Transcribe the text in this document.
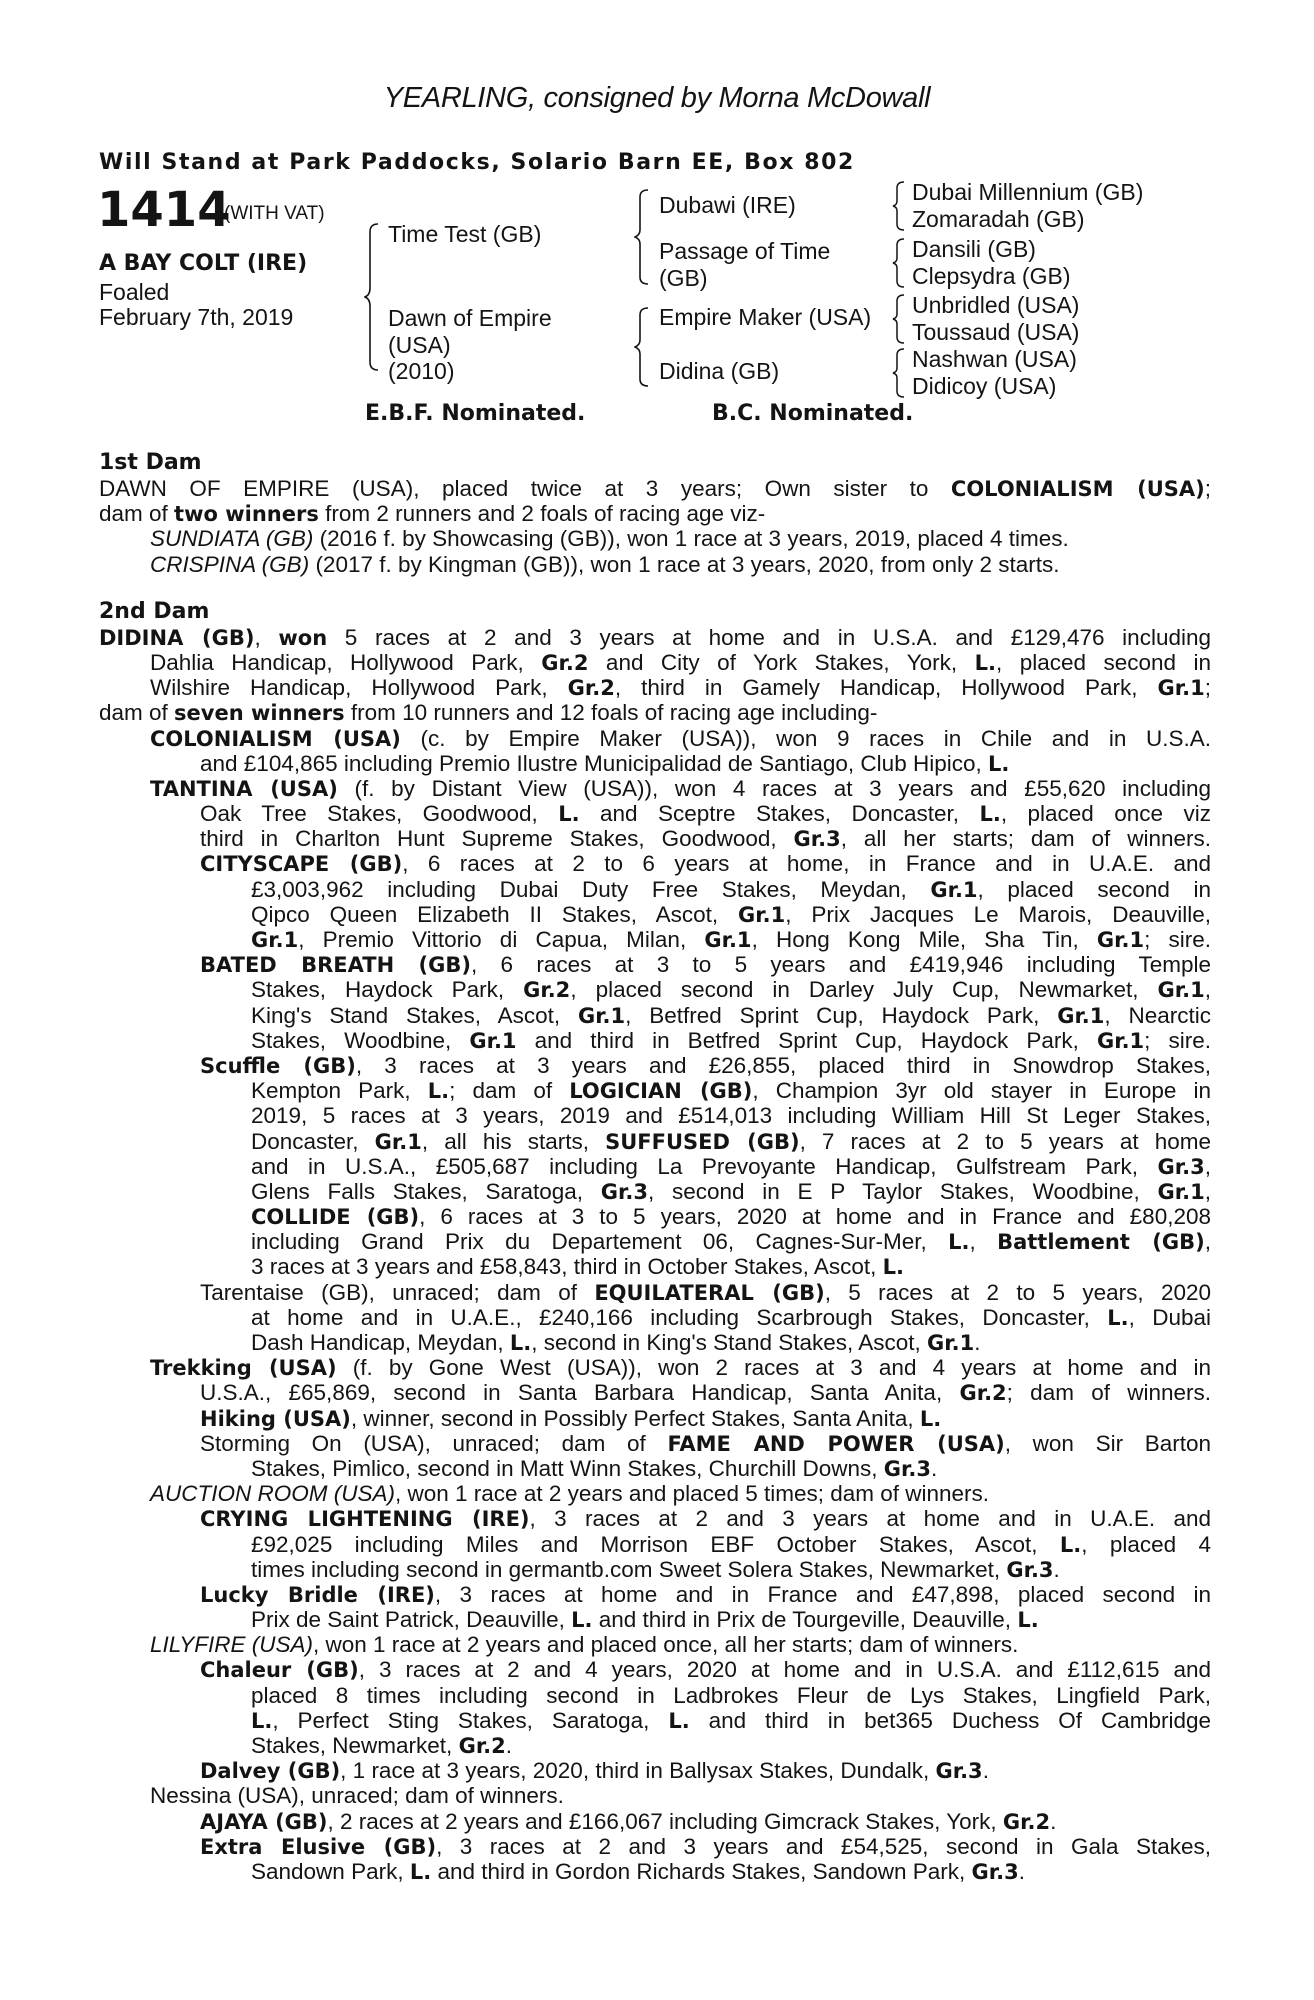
YEARLING, consigned by Morna McDowall
Will Stand at Park Paddocks, Solario Barn EE, Box 802
1414
(WITH VAT)
A BAY COLT (IRE)
Foaled
February 7th, 2019
Time Test (GB)
Dawn of Empire
(USA)
(2010)
Dubawi (IRE)
Passage of Time
(GB)
Empire Maker (USA)
Didina (GB)
Dubai Millennium (GB)
Zomaradah (GB)
Dansili (GB)
Clepsydra (GB)
Unbridled (USA)
Toussaud (USA)
Nashwan (USA)
Didicoy (USA)
E.B.F. Nominated.	B.C. Nominated.

1st Dam

DAWN OF EMPIRE (USA), placed twice at 3 years; Own sister to COLONIALISM (USA);
dam of two winners from 2 runners and 2 foals of racing age viz-
SUNDIATA (GB) (2016 f. by Showcasing (GB)), won 1 race at 3 years, 2019, placed 4 times.
CRISPINA (GB) (2017 f. by Kingman (GB)), won 1 race at 3 years, 2020, from only 2 starts.

2nd Dam

DIDINA (GB), won 5 races at 2 and 3 years at home and in U.S.A. and £129,476 including
Dahlia Handicap, Hollywood Park, Gr.2 and City of York Stakes, York, L., placed second in
Wilshire Handicap, Hollywood Park, Gr.2, third in Gamely Handicap, Hollywood Park, Gr.1;
dam of seven winners from 10 runners and 12 foals of racing age including-
COLONIALISM (USA) (c. by Empire Maker (USA)), won 9 races in Chile and in U.S.A.
and £104,865 including Premio Ilustre Municipalidad de Santiago, Club Hipico, L.
TANTINA (USA) (f. by Distant View (USA)), won 4 races at 3 years and £55,620 including
Oak Tree Stakes, Goodwood, L. and Sceptre Stakes, Doncaster, L., placed once viz
third in Charlton Hunt Supreme Stakes, Goodwood, Gr.3, all her starts; dam of winners.
CITYSCAPE (GB), 6 races at 2 to 6 years at home, in France and in U.A.E. and
£3,003,962 including Dubai Duty Free Stakes, Meydan, Gr.1, placed second in
Qipco Queen Elizabeth II Stakes, Ascot, Gr.1, Prix Jacques Le Marois, Deauville,
Gr.1, Premio Vittorio di Capua, Milan, Gr.1, Hong Kong Mile, Sha Tin, Gr.1; sire.
BATED BREATH (GB), 6 races at 3 to 5 years and £419,946 including Temple
Stakes, Haydock Park, Gr.2, placed second in Darley July Cup, Newmarket, Gr.1,
King's Stand Stakes, Ascot, Gr.1, Betfred Sprint Cup, Haydock Park, Gr.1, Nearctic
Stakes, Woodbine, Gr.1 and third in Betfred Sprint Cup, Haydock Park, Gr.1; sire.
Scuffle (GB), 3 races at 3 years and £26,855, placed third in Snowdrop Stakes,
Kempton Park, L.; dam of LOGICIAN (GB), Champion 3yr old stayer in Europe in
2019, 5 races at 3 years, 2019 and £514,013 including William Hill St Leger Stakes,
Doncaster, Gr.1, all his starts, SUFFUSED (GB), 7 races at 2 to 5 years at home
and in U.S.A., £505,687 including La Prevoyante Handicap, Gulfstream Park, Gr.3,
Glens Falls Stakes, Saratoga, Gr.3, second in E P Taylor Stakes, Woodbine, Gr.1,
COLLIDE (GB), 6 races at 3 to 5 years, 2020 at home and in France and £80,208
including Grand Prix du Departement 06, Cagnes-Sur-Mer, L., Battlement (GB),
3 races at 3 years and £58,843, third in October Stakes, Ascot, L.
Tarentaise (GB), unraced; dam of EQUILATERAL (GB), 5 races at 2 to 5 years, 2020
at home and in U.A.E., £240,166 including Scarbrough Stakes, Doncaster, L., Dubai
Dash Handicap, Meydan, L., second in King's Stand Stakes, Ascot, Gr.1.
Trekking (USA) (f. by Gone West (USA)), won 2 races at 3 and 4 years at home and in
U.S.A., £65,869, second in Santa Barbara Handicap, Santa Anita, Gr.2; dam of winners.
Hiking (USA), winner, second in Possibly Perfect Stakes, Santa Anita, L.
Storming On (USA), unraced; dam of FAME AND POWER (USA), won Sir Barton
Stakes, Pimlico, second in Matt Winn Stakes, Churchill Downs, Gr.3.
AUCTION ROOM (USA), won 1 race at 2 years and placed 5 times; dam of winners.
CRYING LIGHTENING (IRE), 3 races at 2 and 3 years at home and in U.A.E. and
£92,025 including Miles and Morrison EBF October Stakes, Ascot, L., placed 4
times including second in germantb.com Sweet Solera Stakes, Newmarket, Gr.3.
Lucky Bridle (IRE), 3 races at home and in France and £47,898, placed second in
Prix de Saint Patrick, Deauville, L. and third in Prix de Tourgeville, Deauville, L.
LILYFIRE (USA), won 1 race at 2 years and placed once, all her starts; dam of winners.
Chaleur (GB), 3 races at 2 and 4 years, 2020 at home and in U.S.A. and £112,615 and
placed 8 times including second in Ladbrokes Fleur de Lys Stakes, Lingfield Park,
L., Perfect Sting Stakes, Saratoga, L. and third in bet365 Duchess Of Cambridge
Stakes, Newmarket, Gr.2.
Dalvey (GB), 1 race at 3 years, 2020, third in Ballysax Stakes, Dundalk, Gr.3.
Nessina (USA), unraced; dam of winners.
AJAYA (GB), 2 races at 2 years and £166,067 including Gimcrack Stakes, York, Gr.2.
Extra Elusive (GB), 3 races at 2 and 3 years and £54,525, second in Gala Stakes,
Sandown Park, L. and third in Gordon Richards Stakes, Sandown Park, Gr.3.
